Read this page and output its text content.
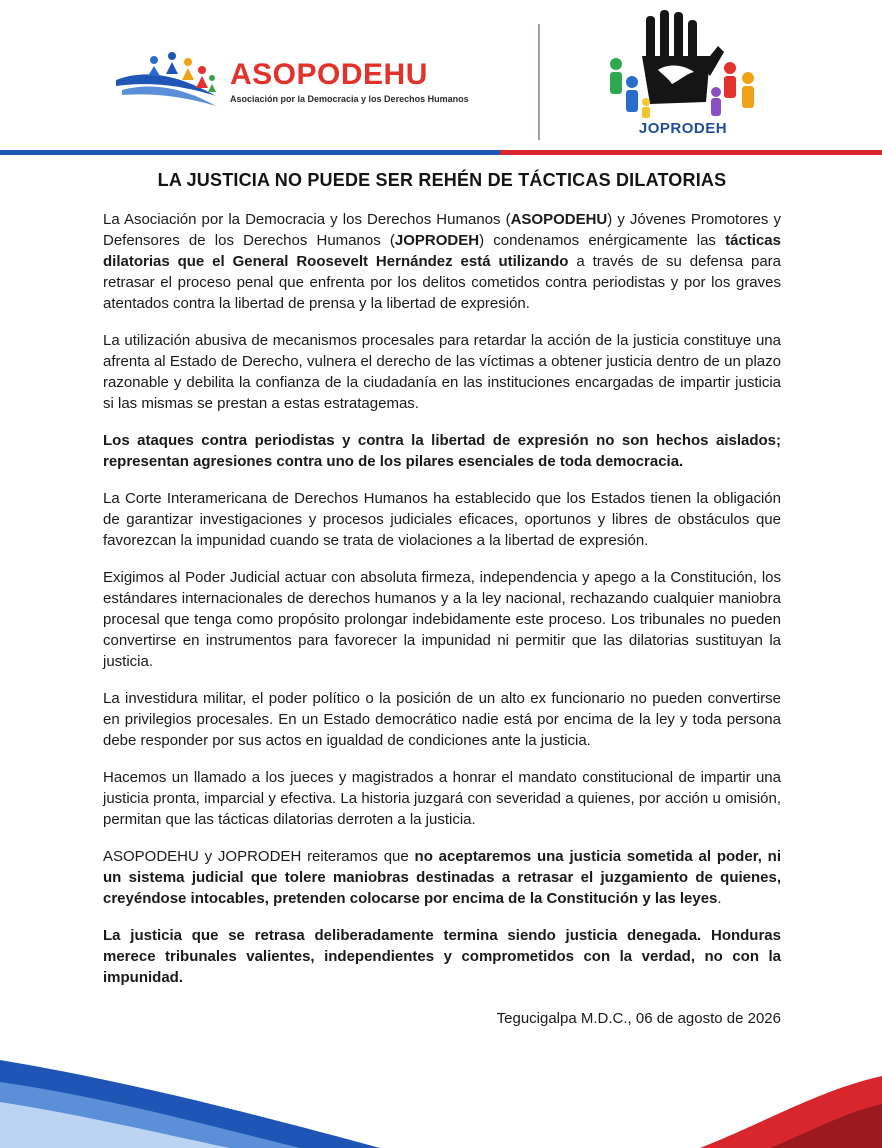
ASOPODEHU
Asociación por la Democracia y los Derechos Humanos
JOPRODEH
LA JUSTICIA NO PUEDE SER REHÉN DE TÁCTICAS DILATORIAS

La Asociación por la Democracia y los Derechos Humanos (ASOPODEHU) y Jóvenes Promotores y Defensores de los Derechos Humanos (JOPRODEH) condenamos enérgicamente las tácticas dilatorias que el General Roosevelt Hernández está utilizando a través de su defensa para retrasar el proceso penal que enfrenta por los delitos cometidos contra periodistas y por los graves atentados contra la libertad de prensa y la libertad de expresión.

La utilización abusiva de mecanismos procesales para retardar la acción de la justicia constituye una afrenta al Estado de Derecho, vulnera el derecho de las víctimas a obtener justicia dentro de un plazo razonable y debilita la confianza de la ciudadanía en las instituciones encargadas de impartir justicia si las mismas se prestan a estas estratagemas.

Los ataques contra periodistas y contra la libertad de expresión no son hechos aislados; representan agresiones contra uno de los pilares esenciales de toda democracia.

La Corte Interamericana de Derechos Humanos ha establecido que los Estados tienen la obligación de garantizar investigaciones y procesos judiciales eficaces, oportunos y libres de obstáculos que favorezcan la impunidad cuando se trata de violaciones a la libertad de expresión.

Exigimos al Poder Judicial actuar con absoluta firmeza, independencia y apego a la Constitución, los estándares internacionales de derechos humanos y a la ley nacional, rechazando cualquier maniobra procesal que tenga como propósito prolongar indebidamente este proceso. Los tribunales no pueden convertirse en instrumentos para favorecer la impunidad ni permitir que las dilatorias sustituyan la justicia.

La investidura militar, el poder político o la posición de un alto ex funcionario no pueden convertirse en privilegios procesales. En un Estado democrático nadie está por encima de la ley y toda persona debe responder por sus actos en igualdad de condiciones ante la justicia.

Hacemos un llamado a los jueces y magistrados a honrar el mandato constitucional de impartir una justicia pronta, imparcial y efectiva. La historia juzgará con severidad a quienes, por acción u omisión, permitan que las tácticas dilatorias derroten a la justicia.

ASOPODEHU y JOPRODEH reiteramos que no aceptaremos una justicia sometida al poder, ni un sistema judicial que tolere maniobras destinadas a retrasar el juzgamiento de quienes, creyéndose intocables, pretenden colocarse por encima de la Constitución y las leyes.

La justicia que se retrasa deliberadamente termina siendo justicia denegada. Honduras merece tribunales valientes, independientes y comprometidos con la verdad, no con la impunidad.

Tegucigalpa M.D.C., 06 de agosto de 2026
